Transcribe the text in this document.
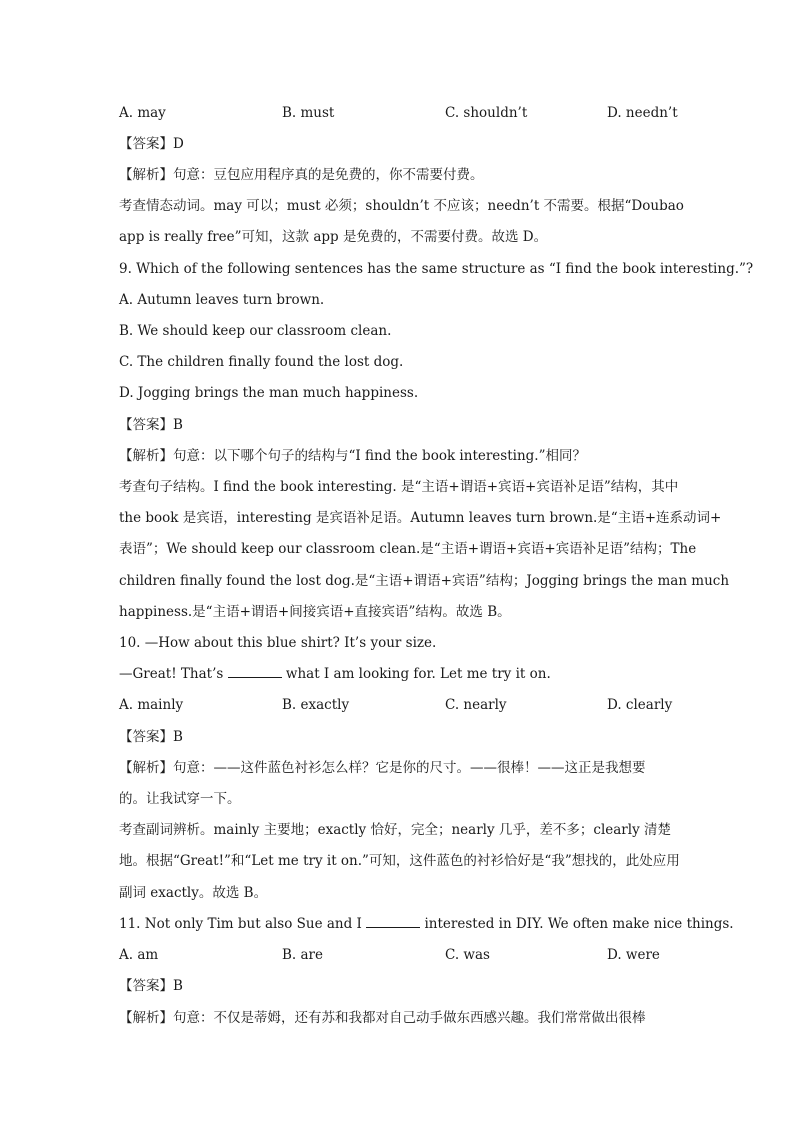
A. may	B. must	C. shouldn’t	D. needn’t
【答案】D
【解析】句意：豆包应用程序真的是免费的，你不需要付费。
考查情态动词。may 可以；must 必须；shouldn’t 不应该；needn’t 不需要。根据“Doubao
app is really free”可知，这款 app 是免费的，不需要付费。故选 D。
9. Which of the following sentences has the same structure as “I find the book interesting.”?
A. Autumn leaves turn brown.
B. We should keep our classroom clean.
C. The children finally found the lost dog.
D. Jogging brings the man much happiness.
【答案】B
【解析】句意：以下哪个句子的结构与“I find the book interesting.”相同？
考查句子结构。I find the book interesting. 是“主语+谓语+宾语+宾语补足语”结构，其中
the book 是宾语，interesting 是宾语补足语。Autumn leaves turn brown.是“主语+连系动词+
表语”；We should keep our classroom clean.是“主语+谓语+宾语+宾语补足语”结构；The
children finally found the lost dog.是“主语+谓语+宾语”结构；Jogging brings the man much
happiness.是“主语+谓语+间接宾语+直接宾语”结构。故选 B。
10. —How about this blue shirt? It’s your size.
—Great! That’s	what I am looking for. Let me try it on.
A. mainly	B. exactly	C. nearly	D. clearly
【答案】B
【解析】句意：——这件蓝色衬衫怎么样？它是你的尺寸。——很棒！——这正是我想要
的。让我试穿一下。
考查副词辨析。mainly 主要地；exactly 恰好，完全；nearly 几乎，差不多；clearly 清楚
地。根据“Great!”和“Let me try it on.”可知，这件蓝色的衬衫恰好是“我”想找的，此处应用
副词 exactly。故选 B。
11. Not only Tim but also Sue and I	interested in DIY. We often make nice things.
A. am	B. are	C. was	D. were
【答案】B
【解析】句意：不仅是蒂姆，还有苏和我都对自己动手做东西感兴趣。我们常常做出很棒
